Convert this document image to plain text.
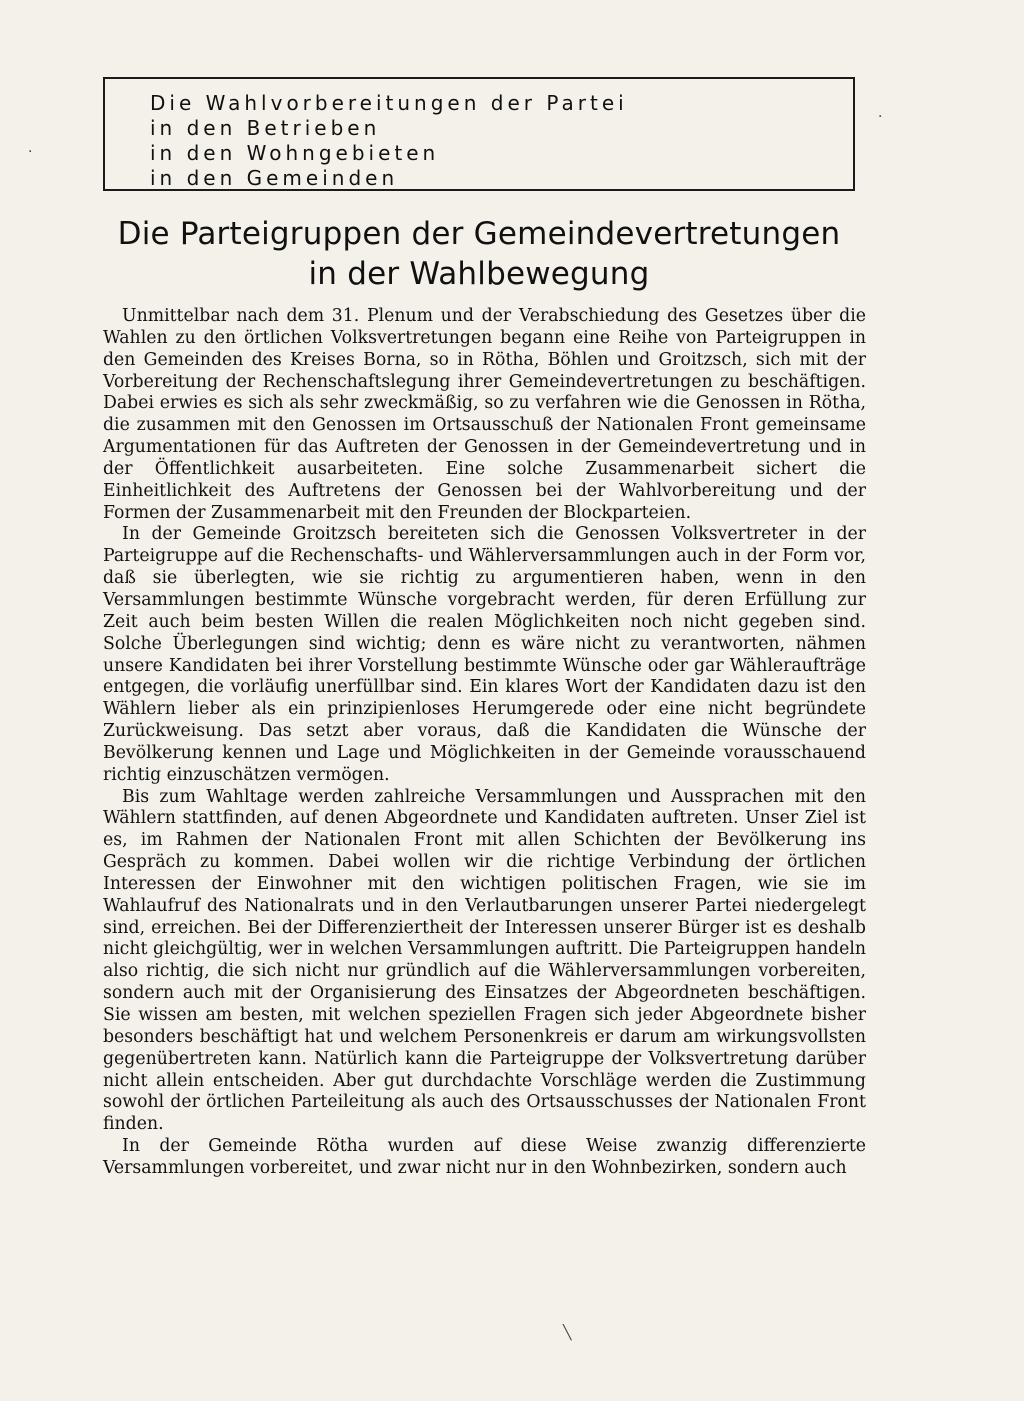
Die Wahlvorbereitungen der Partei
in den Betrieben
in den Wohngebieten
in den Gemeinden
Die Parteigruppen der Gemeindevertretungen
in der Wahlbewegung

Unmittelbar nach dem 31. Plenum und der Verabschiedung des Gesetzes über die Wahlen zu den örtlichen Volksvertretungen begann eine Reihe von Parteigruppen in den Gemeinden des Kreises Borna, so in Rötha, Böhlen und Groitzsch, sich mit der Vorbereitung der Rechenschaftslegung ihrer Gemeindevertretungen zu beschäftigen. Dabei erwies es sich als sehr zweckmäßig, so zu verfahren wie die Genossen in Rötha, die zusammen mit den Genossen im Ortsausschuß der Nationalen Front gemeinsame Argumentationen für das Auftreten der Genossen in der Gemeindevertretung und in der Öffentlichkeit ausarbeiteten. Eine solche Zusammenarbeit sichert die Einheitlichkeit des Auftretens der Genossen bei der Wahlvorbereitung und der Formen der Zusammenarbeit mit den Freunden der Blockparteien.

In der Gemeinde Groitzsch bereiteten sich die Genossen Volksvertreter in der Parteigruppe auf die Rechenschafts- und Wählerversammlungen auch in der Form vor, daß sie überlegten, wie sie richtig zu argumentieren haben, wenn in den Versammlungen bestimmte Wünsche vorgebracht werden, für deren Erfüllung zur Zeit auch beim besten Willen die realen Möglichkeiten noch nicht gegeben sind. Solche Überlegungen sind wichtig; denn es wäre nicht zu verantworten, nähmen unsere Kandidaten bei ihrer Vorstellung bestimmte Wünsche oder gar Wähleraufträge entgegen, die vorläufig unerfüllbar sind. Ein klares Wort der Kandidaten dazu ist den Wählern lieber als ein prinzipienloses Herumgerede oder eine nicht begründete Zurückweisung. Das setzt aber voraus, daß die Kandidaten die Wünsche der Bevölkerung kennen und Lage und Möglichkeiten in der Gemeinde vorausschauend richtig einzuschätzen vermögen.

Bis zum Wahltage werden zahlreiche Versammlungen und Aussprachen mit den Wählern stattfinden, auf denen Abgeordnete und Kandidaten auftreten. Unser Ziel ist es, im Rahmen der Nationalen Front mit allen Schichten der Bevölkerung ins Gespräch zu kommen. Dabei wollen wir die richtige Verbindung der örtlichen Interessen der Einwohner mit den wichtigen politischen Fragen, wie sie im Wahlaufruf des Nationalrats und in den Verlautbarungen unserer Partei niedergelegt sind, erreichen. Bei der Differenziertheit der Interessen unserer Bürger ist es deshalb nicht gleichgültig, wer in welchen Versammlungen auftritt. Die Parteigruppen handeln also richtig, die sich nicht nur gründlich auf die Wählerversammlungen vorbereiten, sondern auch mit der Organisierung des Einsatzes der Abgeordneten beschäftigen. Sie wissen am besten, mit welchen speziellen Fragen sich jeder Abgeordnete bisher besonders beschäftigt hat und welchem Personenkreis er darum am wirkungsvollsten gegenübertreten kann. Natürlich kann die Parteigruppe der Volksvertretung darüber nicht allein entscheiden. Aber gut durchdachte Vorschläge werden die Zustimmung sowohl der örtlichen Parteileitung als auch des Ortsausschusses der Nationalen Front finden.

In der Gemeinde Rötha wurden auf diese Weise zwanzig differenzierte Versammlungen vorbereitet, und zwar nicht nur in den Wohnbezirken, sondern auch

·
·
╲
